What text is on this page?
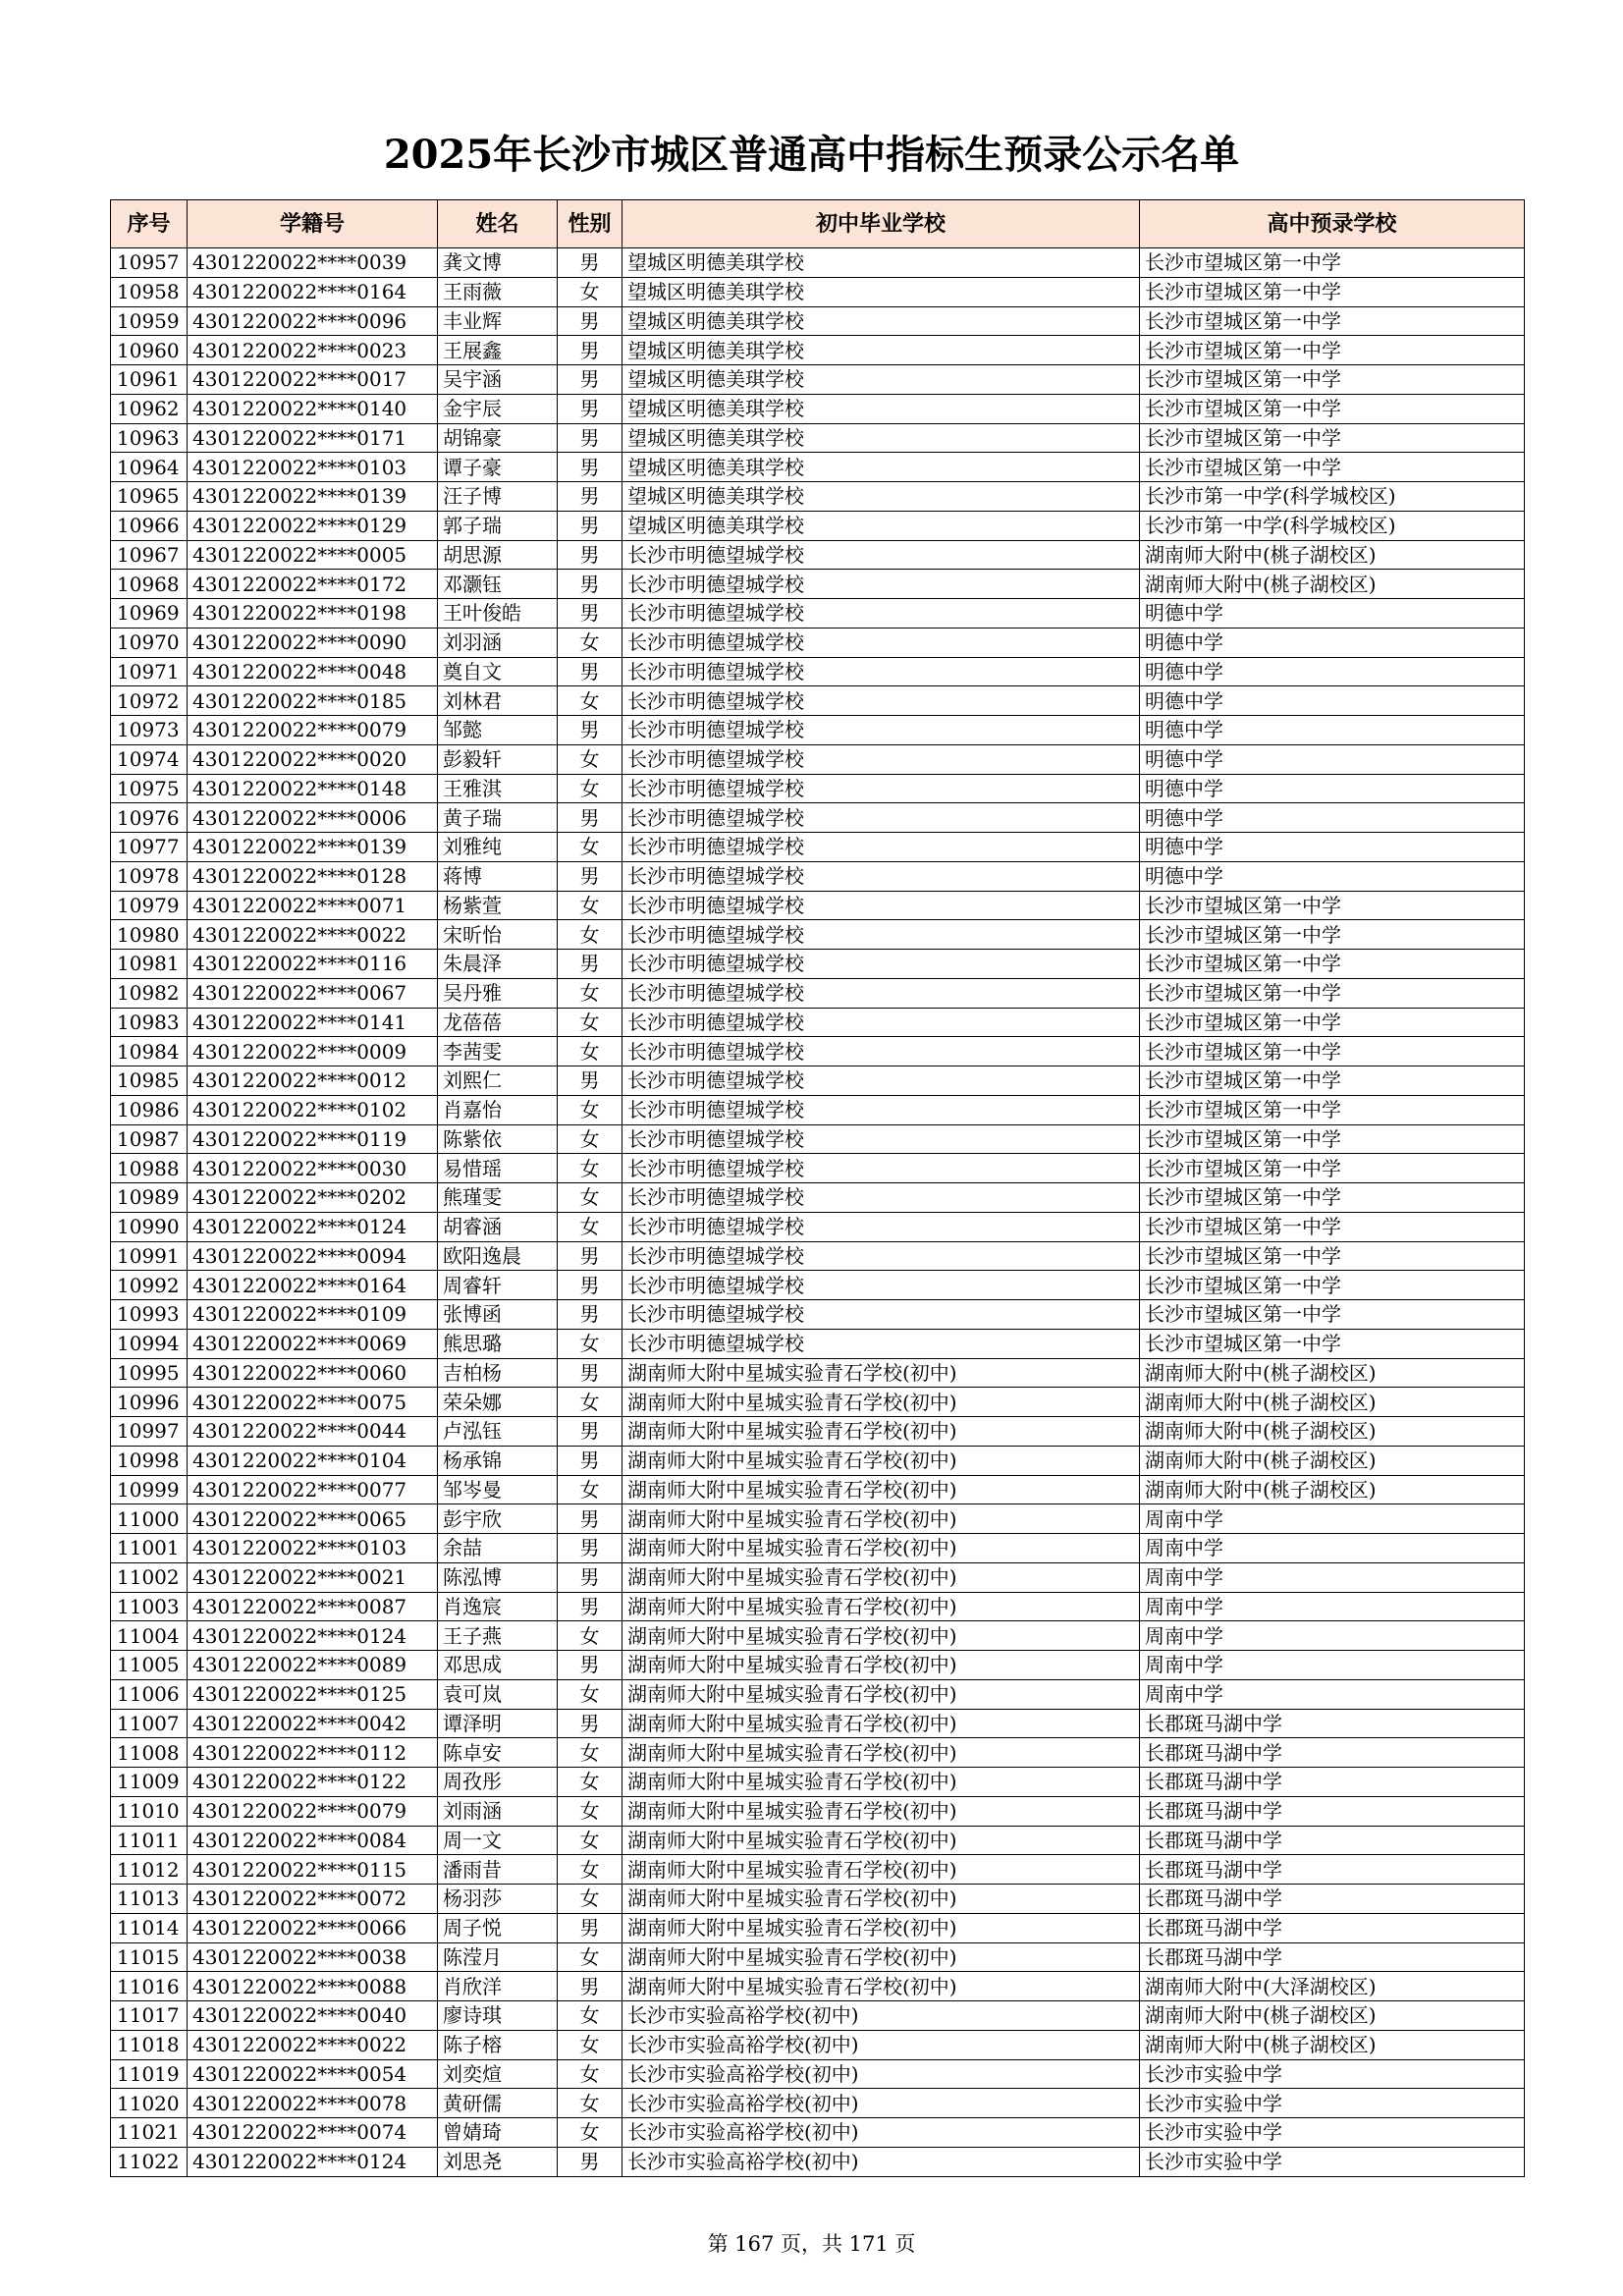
2025年长沙市城区普通高中指标生预录公示名单
序号	学籍号	姓名	性别	初中毕业学校	高中预录学校
10957	4301220022****0039	龚文博	男	望城区明德美琪学校	长沙市望城区第一中学
10958	4301220022****0164	王雨薇	女	望城区明德美琪学校	长沙市望城区第一中学
10959	4301220022****0096	丰业辉	男	望城区明德美琪学校	长沙市望城区第一中学
10960	4301220022****0023	王展鑫	男	望城区明德美琪学校	长沙市望城区第一中学
10961	4301220022****0017	吴宇涵	男	望城区明德美琪学校	长沙市望城区第一中学
10962	4301220022****0140	金宇辰	男	望城区明德美琪学校	长沙市望城区第一中学
10963	4301220022****0171	胡锦豪	男	望城区明德美琪学校	长沙市望城区第一中学
10964	4301220022****0103	谭子豪	男	望城区明德美琪学校	长沙市望城区第一中学
10965	4301220022****0139	汪子博	男	望城区明德美琪学校	长沙市第一中学(科学城校区)
10966	4301220022****0129	郭子瑞	男	望城区明德美琪学校	长沙市第一中学(科学城校区)
10967	4301220022****0005	胡思源	男	长沙市明德望城学校	湖南师大附中(桃子湖校区)
10968	4301220022****0172	邓灏钰	男	长沙市明德望城学校	湖南师大附中(桃子湖校区)
10969	4301220022****0198	王叶俊皓	男	长沙市明德望城学校	明德中学
10970	4301220022****0090	刘羽涵	女	长沙市明德望城学校	明德中学
10971	4301220022****0048	奠自文	男	长沙市明德望城学校	明德中学
10972	4301220022****0185	刘林君	女	长沙市明德望城学校	明德中学
10973	4301220022****0079	邹懿	男	长沙市明德望城学校	明德中学
10974	4301220022****0020	彭毅轩	女	长沙市明德望城学校	明德中学
10975	4301220022****0148	王雅淇	女	长沙市明德望城学校	明德中学
10976	4301220022****0006	黄子瑞	男	长沙市明德望城学校	明德中学
10977	4301220022****0139	刘雅纯	女	长沙市明德望城学校	明德中学
10978	4301220022****0128	蒋博	男	长沙市明德望城学校	明德中学
10979	4301220022****0071	杨紫萱	女	长沙市明德望城学校	长沙市望城区第一中学
10980	4301220022****0022	宋昕怡	女	长沙市明德望城学校	长沙市望城区第一中学
10981	4301220022****0116	朱晨泽	男	长沙市明德望城学校	长沙市望城区第一中学
10982	4301220022****0067	吴丹雅	女	长沙市明德望城学校	长沙市望城区第一中学
10983	4301220022****0141	龙蓓蓓	女	长沙市明德望城学校	长沙市望城区第一中学
10984	4301220022****0009	李茜雯	女	长沙市明德望城学校	长沙市望城区第一中学
10985	4301220022****0012	刘熙仁	男	长沙市明德望城学校	长沙市望城区第一中学
10986	4301220022****0102	肖嘉怡	女	长沙市明德望城学校	长沙市望城区第一中学
10987	4301220022****0119	陈紫依	女	长沙市明德望城学校	长沙市望城区第一中学
10988	4301220022****0030	易惜瑶	女	长沙市明德望城学校	长沙市望城区第一中学
10989	4301220022****0202	熊瑾雯	女	长沙市明德望城学校	长沙市望城区第一中学
10990	4301220022****0124	胡睿涵	女	长沙市明德望城学校	长沙市望城区第一中学
10991	4301220022****0094	欧阳逸晨	男	长沙市明德望城学校	长沙市望城区第一中学
10992	4301220022****0164	周睿轩	男	长沙市明德望城学校	长沙市望城区第一中学
10993	4301220022****0109	张博函	男	长沙市明德望城学校	长沙市望城区第一中学
10994	4301220022****0069	熊思璐	女	长沙市明德望城学校	长沙市望城区第一中学
10995	4301220022****0060	吉柏杨	男	湖南师大附中星城实验青石学校(初中)	湖南师大附中(桃子湖校区)
10996	4301220022****0075	荣朵娜	女	湖南师大附中星城实验青石学校(初中)	湖南师大附中(桃子湖校区)
10997	4301220022****0044	卢泓钰	男	湖南师大附中星城实验青石学校(初中)	湖南师大附中(桃子湖校区)
10998	4301220022****0104	杨承锦	男	湖南师大附中星城实验青石学校(初中)	湖南师大附中(桃子湖校区)
10999	4301220022****0077	邹岑曼	女	湖南师大附中星城实验青石学校(初中)	湖南师大附中(桃子湖校区)
11000	4301220022****0065	彭宇欣	男	湖南师大附中星城实验青石学校(初中)	周南中学
11001	4301220022****0103	余喆	男	湖南师大附中星城实验青石学校(初中)	周南中学
11002	4301220022****0021	陈泓博	男	湖南师大附中星城实验青石学校(初中)	周南中学
11003	4301220022****0087	肖逸宸	男	湖南师大附中星城实验青石学校(初中)	周南中学
11004	4301220022****0124	王子燕	女	湖南师大附中星城实验青石学校(初中)	周南中学
11005	4301220022****0089	邓思成	男	湖南师大附中星城实验青石学校(初中)	周南中学
11006	4301220022****0125	袁可岚	女	湖南师大附中星城实验青石学校(初中)	周南中学
11007	4301220022****0042	谭泽明	男	湖南师大附中星城实验青石学校(初中)	长郡斑马湖中学
11008	4301220022****0112	陈卓安	女	湖南师大附中星城实验青石学校(初中)	长郡斑马湖中学
11009	4301220022****0122	周孜彤	女	湖南师大附中星城实验青石学校(初中)	长郡斑马湖中学
11010	4301220022****0079	刘雨涵	女	湖南师大附中星城实验青石学校(初中)	长郡斑马湖中学
11011	4301220022****0084	周一文	女	湖南师大附中星城实验青石学校(初中)	长郡斑马湖中学
11012	4301220022****0115	潘雨昔	女	湖南师大附中星城实验青石学校(初中)	长郡斑马湖中学
11013	4301220022****0072	杨羽莎	女	湖南师大附中星城实验青石学校(初中)	长郡斑马湖中学
11014	4301220022****0066	周子悦	男	湖南师大附中星城实验青石学校(初中)	长郡斑马湖中学
11015	4301220022****0038	陈滢月	女	湖南师大附中星城实验青石学校(初中)	长郡斑马湖中学
11016	4301220022****0088	肖欣洋	男	湖南师大附中星城实验青石学校(初中)	湖南师大附中(大泽湖校区)
11017	4301220022****0040	廖诗琪	女	长沙市实验高裕学校(初中)	湖南师大附中(桃子湖校区)
11018	4301220022****0022	陈子榕	女	长沙市实验高裕学校(初中)	湖南师大附中(桃子湖校区)
11019	4301220022****0054	刘奕煊	女	长沙市实验高裕学校(初中)	长沙市实验中学
11020	4301220022****0078	黄研儒	女	长沙市实验高裕学校(初中)	长沙市实验中学
11021	4301220022****0074	曾婧琦	女	长沙市实验高裕学校(初中)	长沙市实验中学
11022	4301220022****0124	刘思尧	男	长沙市实验高裕学校(初中)	长沙市实验中学
第 167 页，共 171 页
